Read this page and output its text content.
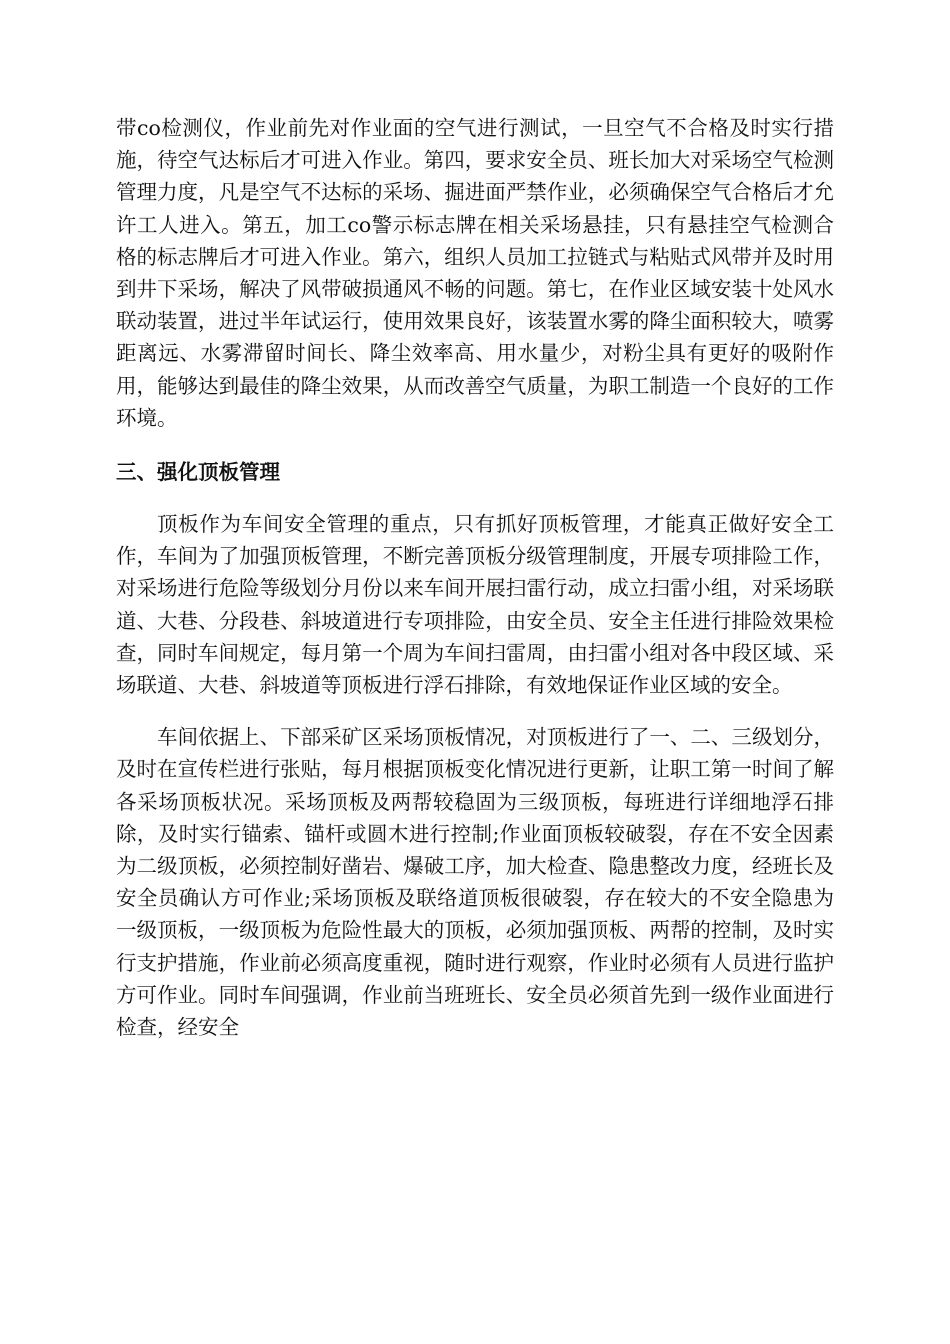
带co检测仪，作业前先对作业面的空气进行测试，一旦空气不合格及时实行措施，待空气达标后才可进入作业。第四，要求安全员、班长加大对采场空气检测管理力度，凡是空气不达标的采场、掘进面严禁作业，必须确保空气合格后才允许工人进入。第五，加工co警示标志牌在相关采场悬挂，只有悬挂空气检测合格的标志牌后才可进入作业。第六，组织人员加工拉链式与粘贴式风带并及时用到井下采场，解决了风带破损通风不畅的问题。第七，在作业区域安装十处风水联动装置，进过半年试运行，使用效果良好，该装置水雾的降尘面积较大，喷雾距离远、水雾滞留时间长、降尘效率高、用水量少，对粉尘具有更好的吸附作用，能够达到最佳的降尘效果，从而改善空气质量，为职工制造一个良好的工作环境。

三、强化顶板管理

顶板作为车间安全管理的重点，只有抓好顶板管理，才能真正做好安全工作，车间为了加强顶板管理，不断完善顶板分级管理制度，开展专项排险工作，对采场进行危险等级划分月份以来车间开展扫雷行动，成立扫雷小组，对采场联道、大巷、分段巷、斜坡道进行专项排险，由安全员、安全主任进行排险效果检查，同时车间规定，每月第一个周为车间扫雷周，由扫雷小组对各中段区域、采场联道、大巷、斜坡道等顶板进行浮石排除，有效地保证作业区域的安全。

车间依据上、下部采矿区采场顶板情况，对顶板进行了一、二、三级划分，及时在宣传栏进行张贴，每月根据顶板变化情况进行更新，让职工第一时间了解各采场顶板状况。采场顶板及两帮较稳固为三级顶板，每班进行详细地浮石排除，及时实行锚索、锚杆或圆木进行控制;作业面顶板较破裂，存在不安全因素为二级顶板，必须控制好凿岩、爆破工序，加大检查、隐患整改力度，经班长及安全员确认方可作业;采场顶板及联络道顶板很破裂，存在较大的不安全隐患为一级顶板，一级顶板为危险性最大的顶板，必须加强顶板、两帮的控制，及时实行支护措施，作业前必须高度重视，随时进行观察，作业时必须有人员进行监护方可作业。同时车间强调，作业前当班班长、安全员必须首先到一级作业面进行检查，经安全
